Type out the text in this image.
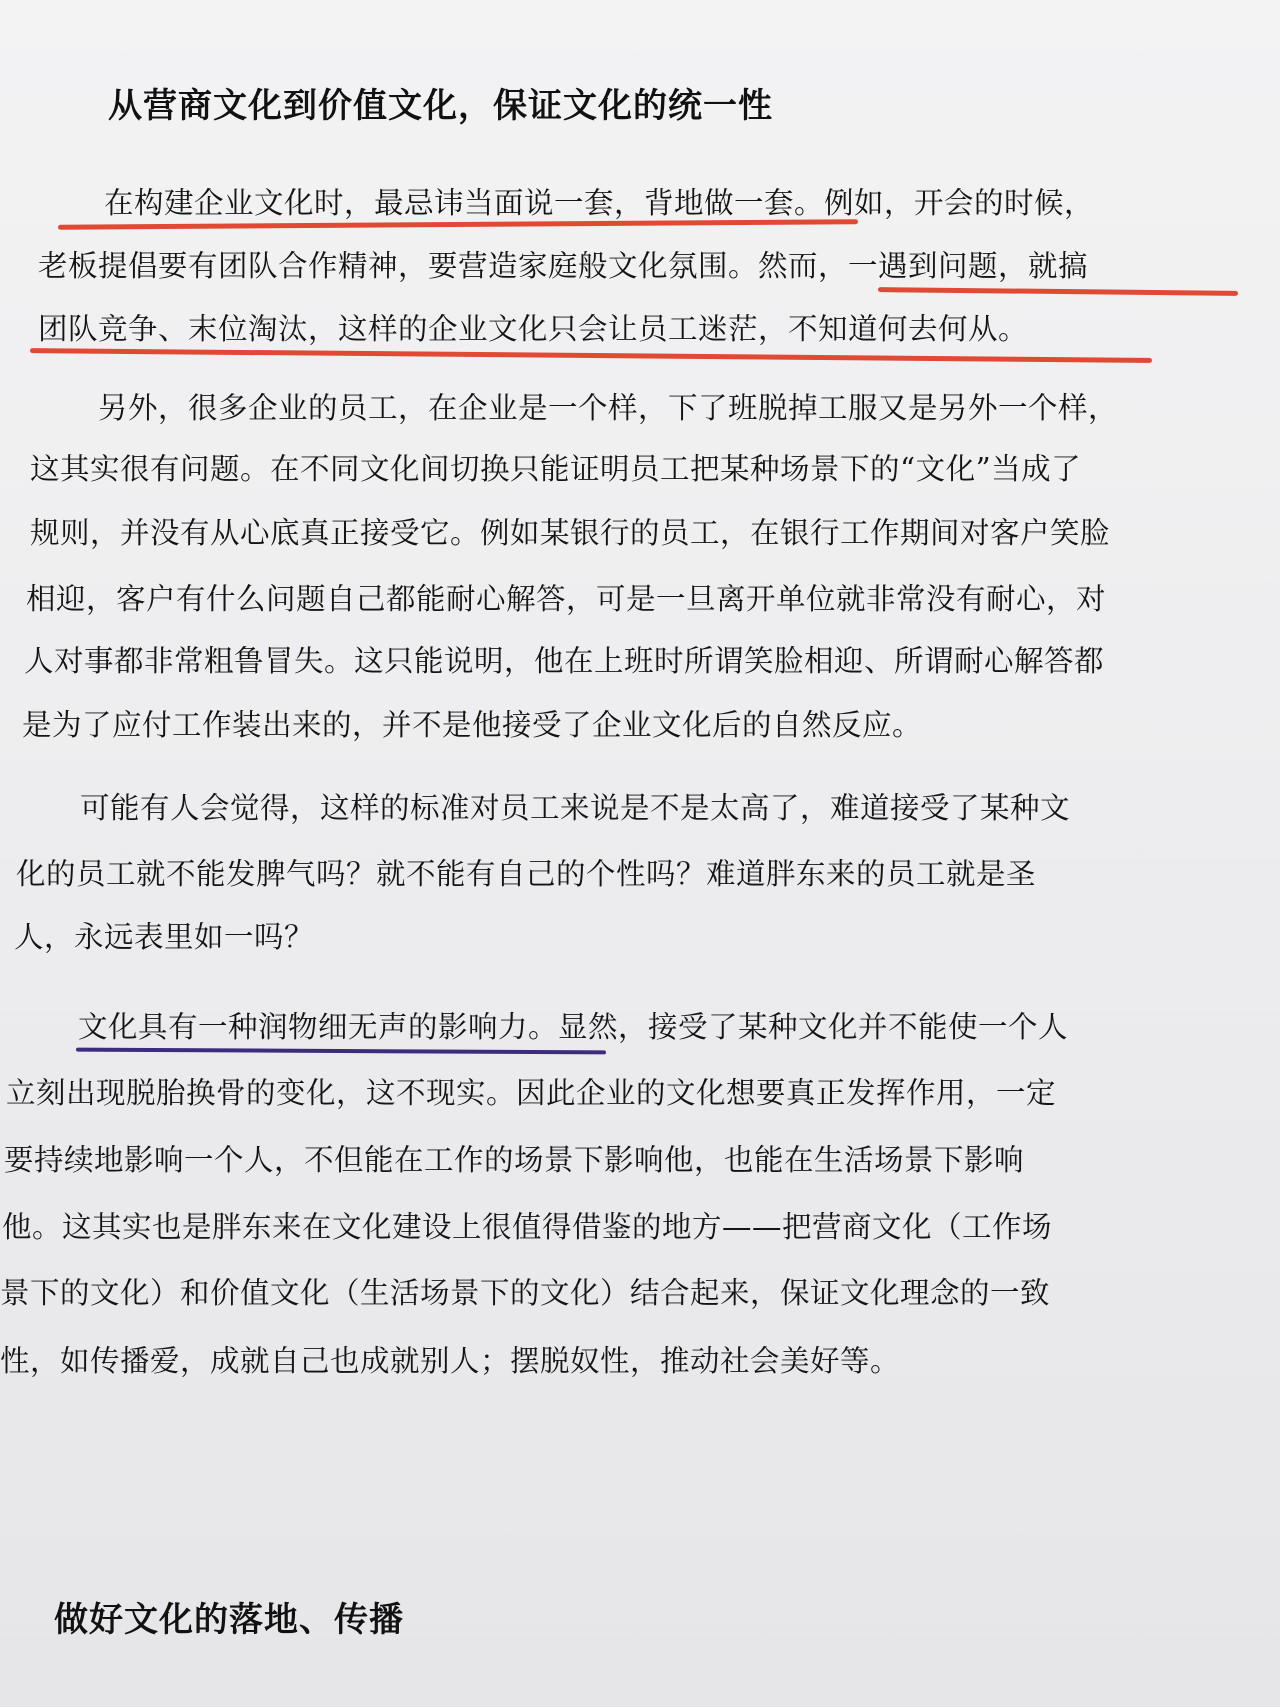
从营商文化到价值文化，保证文化的统一性
在构建企业文化时，最忌讳当面说一套，背地做一套。例如，开会的时候，
老板提倡要有团队合作精神，要营造家庭般文化氛围。然而，一遇到问题，就搞
团队竞争、末位淘汰，这样的企业文化只会让员工迷茫，不知道何去何从。
另外，很多企业的员工，在企业是一个样，下了班脱掉工服又是另外一个样，
这其实很有问题。在不同文化间切换只能证明员工把某种场景下的“文化”当成了
规则，并没有从心底真正接受它。例如某银行的员工，在银行工作期间对客户笑脸
相迎，客户有什么问题自己都能耐心解答，可是一旦离开单位就非常没有耐心，对
人对事都非常粗鲁冒失。这只能说明，他在上班时所谓笑脸相迎、所谓耐心解答都
是为了应付工作装出来的，并不是他接受了企业文化后的自然反应。
可能有人会觉得，这样的标准对员工来说是不是太高了，难道接受了某种文
化的员工就不能发脾气吗？就不能有自己的个性吗？难道胖东来的员工就是圣
人，永远表里如一吗？
文化具有一种润物细无声的影响力。显然，接受了某种文化并不能使一个人
立刻出现脱胎换骨的变化，这不现实。因此企业的文化想要真正发挥作用，一定
要持续地影响一个人，不但能在工作的场景下影响他，也能在生活场景下影响
他。这其实也是胖东来在文化建设上很值得借鉴的地方——把营商文化（工作场
景下的文化）和价值文化（生活场景下的文化）结合起来，保证文化理念的一致
性，如传播爱，成就自己也成就别人；摆脱奴性，推动社会美好等。
做好文化的落地、传播
